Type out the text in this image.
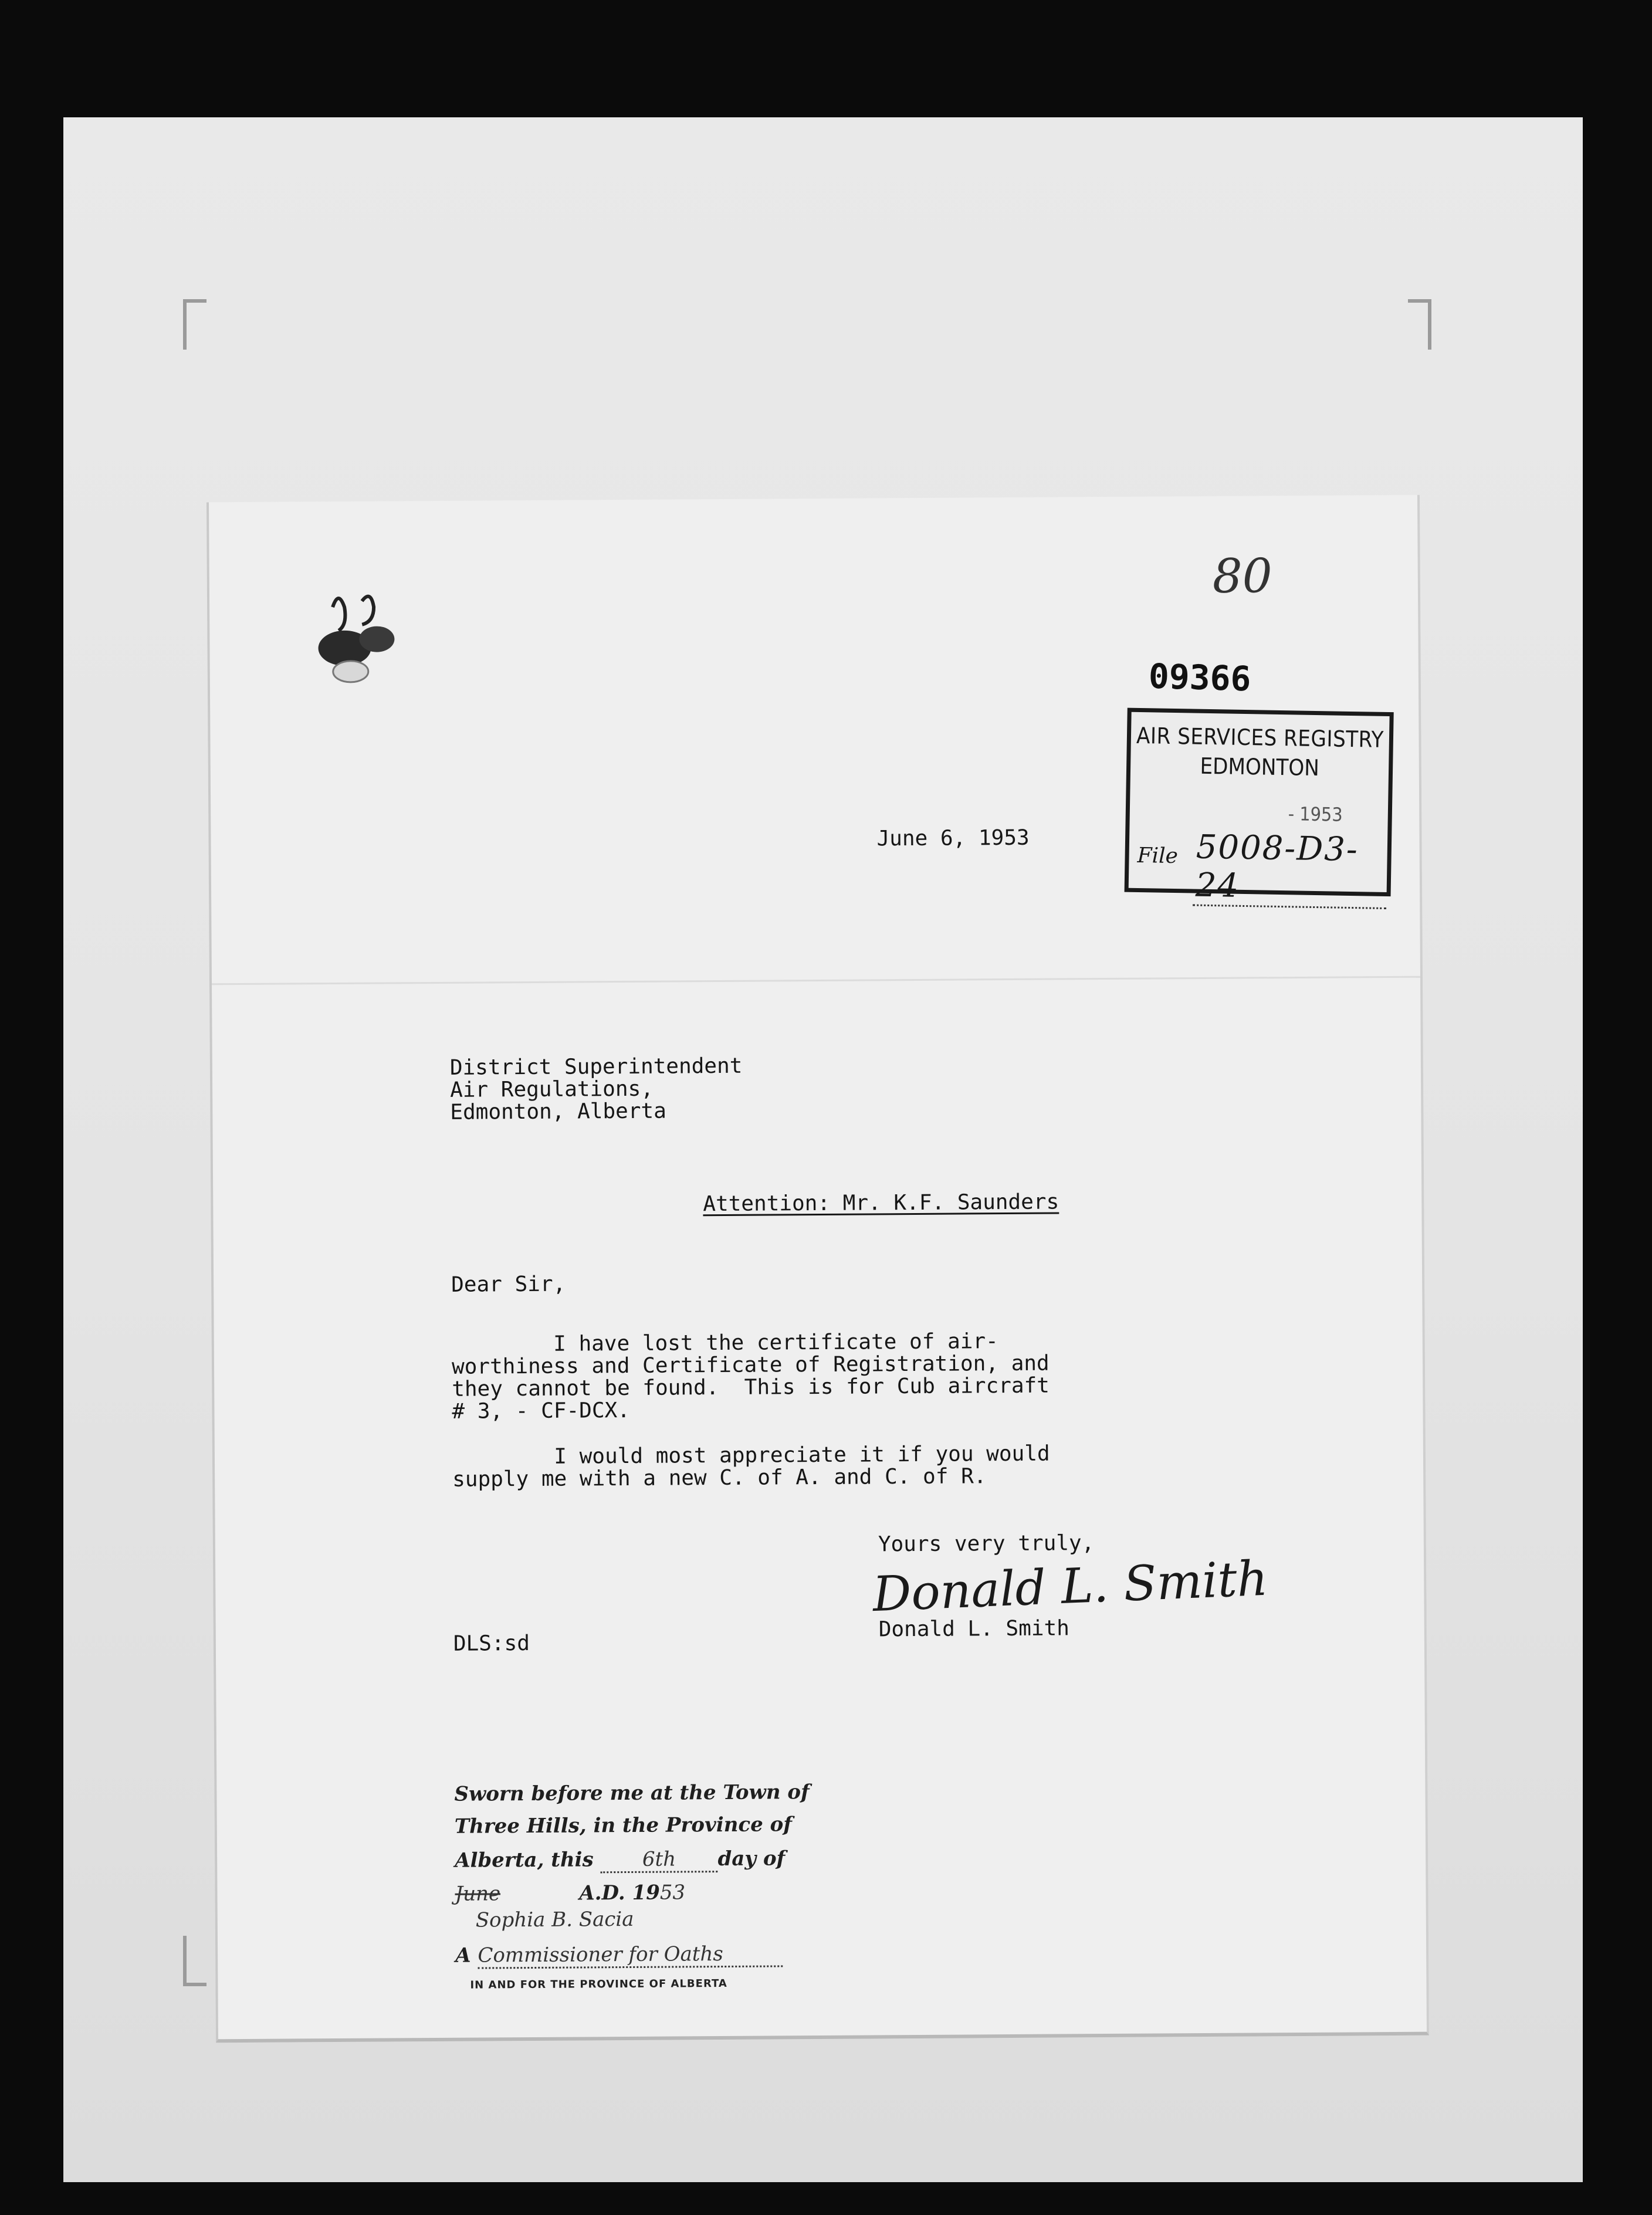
80
09366
AIR SERVICES REGISTRY
EDMONTON
- 1953
File 5008-D3-24
June 6, 1953
District Superintendent
Air Regulations,
Edmonton, Alberta
Attention: Mr. K.F. Saunders
Dear Sir,
I have lost the certificate of air-
worthiness and Certificate of Registration, and
they cannot be found.  This is for Cub aircraft
# 3, - CF-DCX.
I would most appreciate it if you would
supply me with a new C. of A. and C. of R.
Yours very truly,
Donald L. Smith
Donald L. Smith
DLS:sd
Sworn before me at the Town of
Three Hills, in the Province of
Alberta, this 6th day of
June	A.D. 1953
Sophia B. Sacia
A Commissioner for Oaths
IN AND FOR THE PROVINCE OF ALBERTA
